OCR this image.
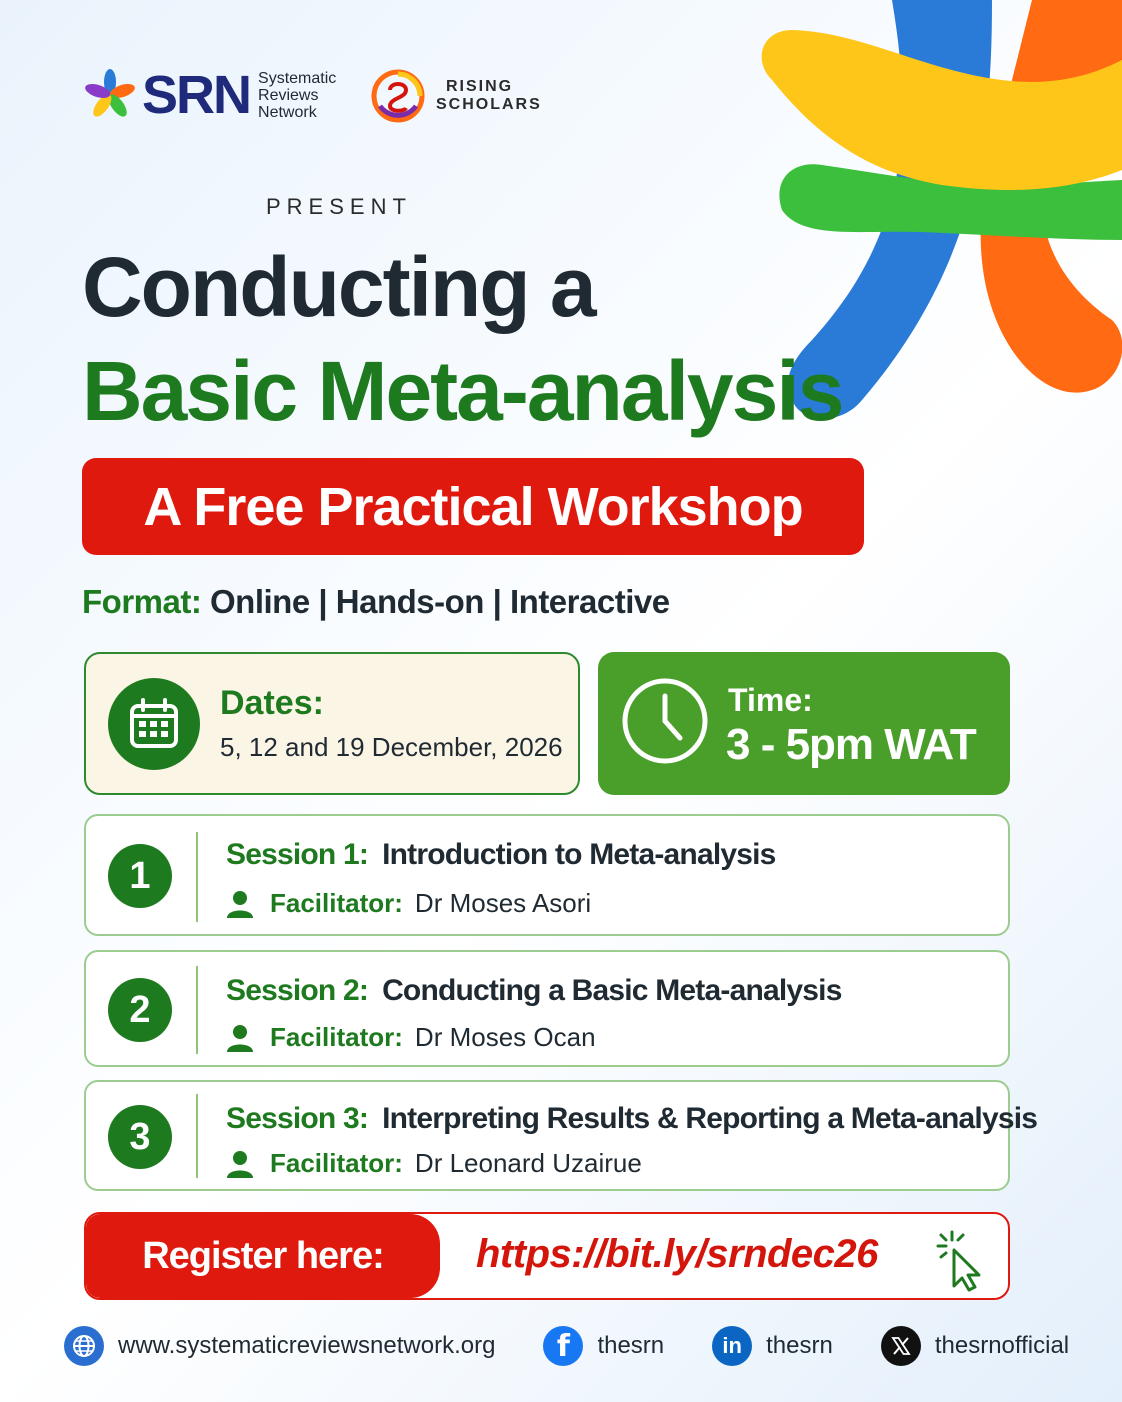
SRN Systematic
Reviews
Network
RISING
SCHOLARS
PRESENT
Conducting a
Basic Meta-analysis
A Free Practical Workshop
Format: Online | Hands-on | Interactive
Dates:
5, 12 and 19 December, 2026
Time:
3 - 5pm WAT
1	Session 1: Introduction to Meta-analysis
Facilitator: Dr Moses Asori
2	Session 2: Conducting a Basic Meta-analysis
Facilitator: Dr Moses Ocan
3	Session 3: Interpreting Results & Reporting a Meta-analysis
Facilitator: Dr Leonard Uzairue
Register here:	https://bit.ly/srndec26
www.systematicreviewsnetwork.org	f	thesrn	in	thesrn	thesrnofficial
